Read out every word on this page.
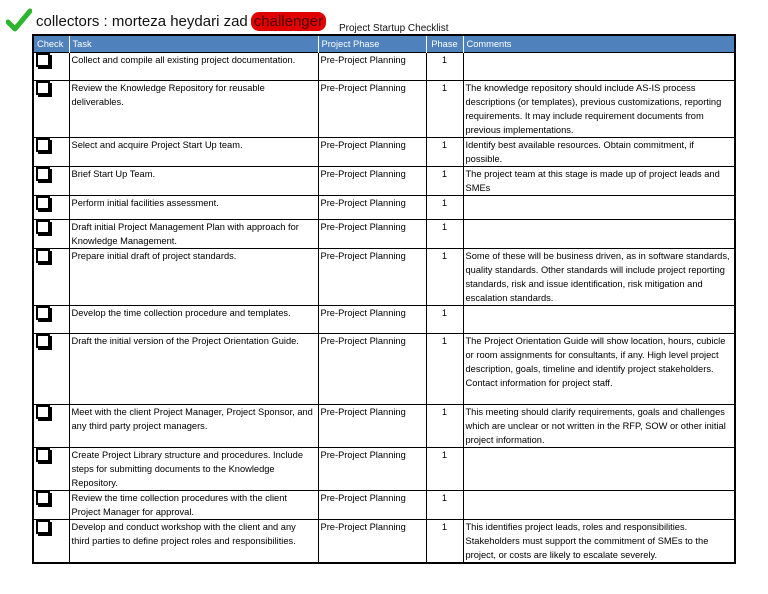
collectors : morteza heydari zad challenger	Project Startup Checklist
Check	Task	Project Phase	Phase	Comments

	Collect and compile all existing project documentation.	Pre-Project Planning	1	

	Review the Knowledge Repository for reusable deliverables.	Pre-Project Planning	1	The knowledge repository should include AS-IS process descriptions (or templates), previous customizations, reporting requirements. It may include requirement documents from previous implementations.

	Select and acquire Project Start Up team.	Pre-Project Planning	1	Identify best available resources. Obtain commitment, if possible.

	Brief Start Up Team.	Pre-Project Planning	1	The project team at this stage is made up of project leads and SMEs

	Perform initial facilities assessment.	Pre-Project Planning	1	

	Draft initial Project Management Plan with approach for Knowledge Management.	Pre-Project Planning	1	

	Prepare initial draft of project standards.	Pre-Project Planning	1	Some of these will be business driven, as in software standards, quality standards. Other standards will include project reporting standards, risk and issue identification, risk mitigation and escalation standards.

	Develop the time collection procedure and templates.	Pre-Project Planning	1	

	Draft the initial version of the Project Orientation Guide.	Pre-Project Planning	1	The Project Orientation Guide will show location, hours, cubicle or room assignments for consultants, if any. High level project description, goals, timeline and identify project stakeholders. Contact information for project staff.

	Meet with the client Project Manager, Project Sponsor, and any third party project managers.	Pre-Project Planning	1	This meeting should clarify requirements, goals and challenges which are unclear or not written in the RFP, SOW or other initial project information.

	Create Project Library structure and procedures. Include steps for submitting documents to the Knowledge Repository.	Pre-Project Planning	1	

	Review the time collection procedures with the client Project Manager for approval.	Pre-Project Planning	1	

	Develop and conduct workshop with the client and any third parties to define project roles and responsibilities.	Pre-Project Planning	1	This identifies project leads, roles and responsibilities. Stakeholders must support the commitment of SMEs to the project, or costs are likely to escalate severely.
